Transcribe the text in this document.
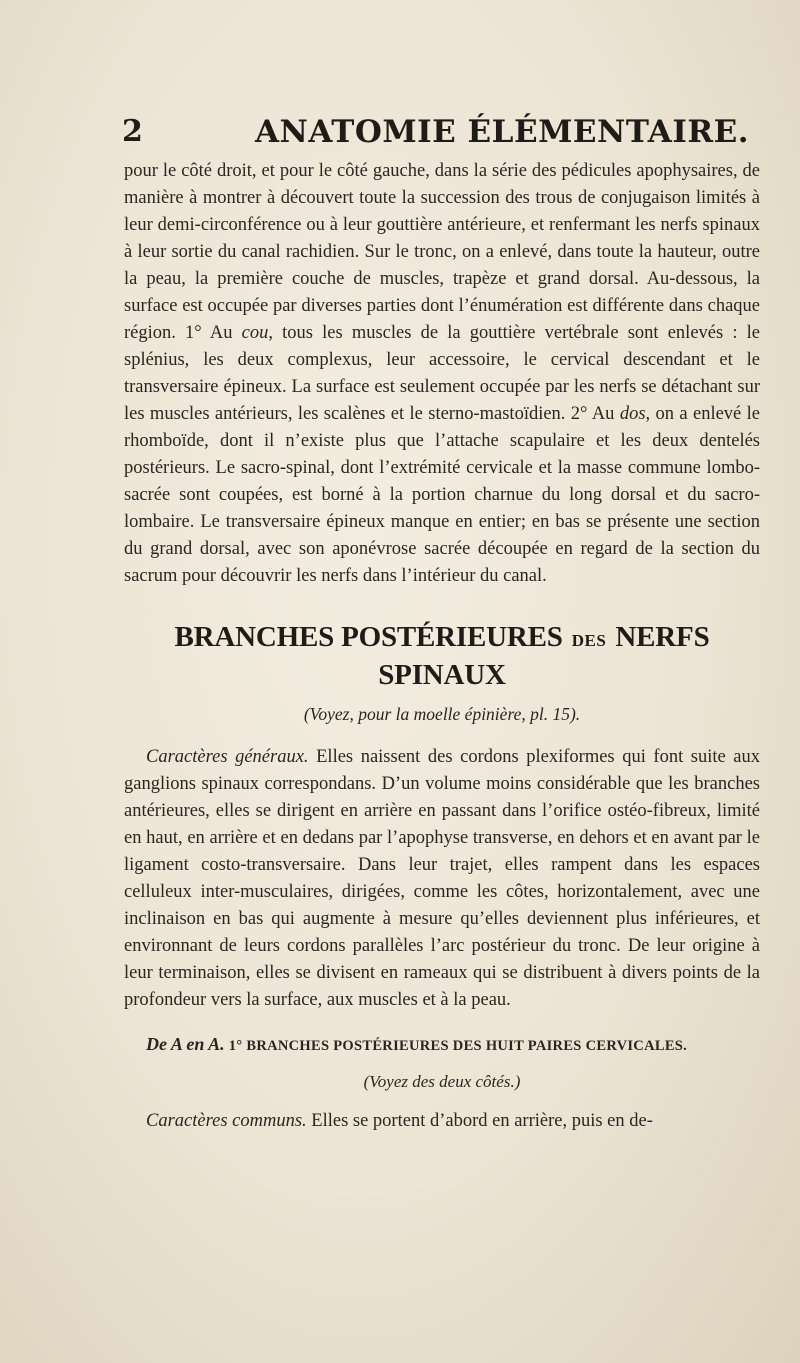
2	ANATOMIE ÉLÉMENTAIRE.

pour le côté droit, et pour le côté gauche, dans la série des pédicules apophysaires, de manière à montrer à découvert toute la succession des trous de conjugaison limités à leur demi-circonférence ou à leur gouttière antérieure, et renfermant les nerfs spinaux à leur sortie du canal rachidien. Sur le tronc, on a enlevé, dans toute la hauteur, outre la peau, la première couche de muscles, trapèze et grand dorsal. Au-dessous, la surface est occupée par diverses parties dont l’énumération est différente dans chaque région. 1° Au cou, tous les muscles de la gouttière vertébrale sont enlevés : le splénius, les deux complexus, leur accessoire, le cervical descendant et le transversaire épineux. La surface est seulement occupée par les nerfs se détachant sur les muscles antérieurs, les scalènes et le sterno-mastoïdien. 2° Au dos, on a enlevé le rhomboïde, dont il n’existe plus que l’attache scapulaire et les deux dentelés postérieurs. Le sacro-spinal, dont l’extrémité cervicale et la masse commune lombo-sacrée sont coupées, est borné à la portion charnue du long dorsal et du sacro-lombaire. Le transversaire épineux manque en entier; en bas se présente une section du grand dorsal, avec son aponévrose sacrée découpée en regard de la section du sacrum pour découvrir les nerfs dans l’intérieur du canal.

BRANCHES POSTÉRIEURES DES NERFS SPINAUX

(Voyez, pour la moelle épinière, pl. 15).

Caractères généraux. Elles naissent des cordons plexiformes qui font suite aux ganglions spinaux correspondans. D’un volume moins considérable que les branches antérieures, elles se dirigent en arrière en passant dans l’orifice ostéo-fibreux, limité en haut, en arrière et en dedans par l’apophyse transverse, en dehors et en avant par le ligament costo-transversaire. Dans leur trajet, elles rampent dans les espaces celluleux inter-musculaires, dirigées, comme les côtes, horizontalement, avec une inclinaison en bas qui augmente à mesure qu’elles deviennent plus inférieures, et environnant de leurs cordons parallèles l’arc postérieur du tronc. De leur origine à leur terminaison, elles se divisent en rameaux qui se distribuent à divers points de la profondeur vers la surface, aux muscles et à la peau.

De A en A. 1° BRANCHES POSTÉRIEURES DES HUIT PAIRES CERVICALES.

(Voyez des deux côtés.)

Caractères communs. Elles se portent d’abord en arrière, puis en de-
